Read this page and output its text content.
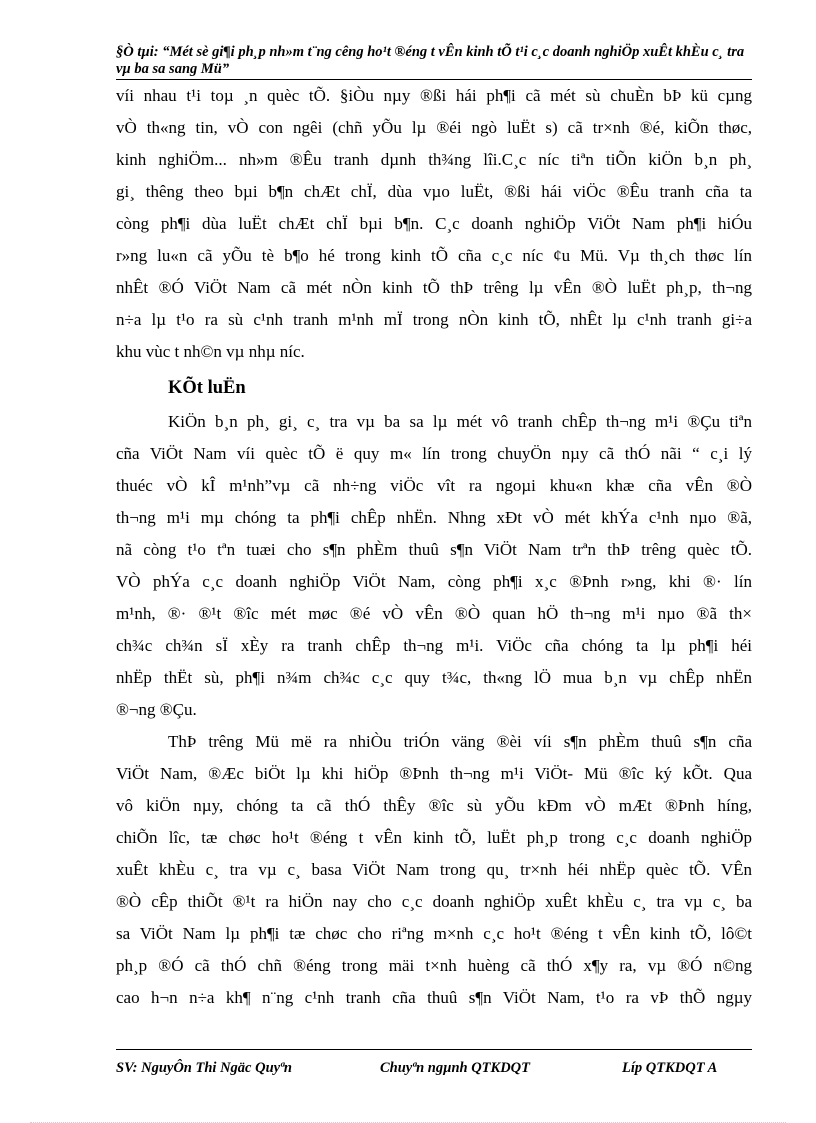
§Ò tµi: “Mét sè gi¶i ph¸p nh»m t¨ng cêng ho¹t ®éng t vÊn kinh tÕ t¹i c¸c doanh nghiÖp xuÊt khÈu c¸ tra vµ ba sa sang Mü”
víi nhau t¹i toµ ¸n quèc tÕ. §iÒu nµy ®ßi hái ph¶i cã mét sù chuÈn bÞ kü cµng
vÒ th«ng tin, vÒ con ngêi (chñ yÕu lµ ®éi ngò luËt s) cã tr×nh ®é, kiÕn thøc,
kinh nghiÖm... nh»m ®Êu tranh dµnh th¾ng lîi.C¸c níc tiªn tiÕn kiÖn b¸n ph¸
gi¸ thêng theo bµi b¶n chÆt chÏ, dùa vµo luËt, ®ßi hái viÖc ®Êu tranh cña ta
còng ph¶i dùa luËt chÆt chÏ bµi b¶n. C¸c doanh nghiÖp ViÖt Nam ph¶i hiÓu
r»ng lu«n cã yÕu tè b¶o hé trong kinh tÕ cña c¸c níc ¢u Mü. Vµ th¸ch thøc lín
nhÊt ®Ó ViÖt Nam cã mét nÒn kinh tÕ thÞ trêng lµ vÊn ®Ò luËt ph¸p, th¬ng
n÷a lµ t¹o ra sù c¹nh tranh m¹nh mÏ trong nÒn kinh tÕ, nhÊt lµ c¹nh tranh gi÷a
khu vùc t nh©n vµ nhµ níc.
KÕt luËn
KiÖn b¸n ph¸ gi¸ c¸ tra vµ ba sa lµ mét vô tranh chÊp th¬ng m¹i ®Çu tiªn
cña ViÖt Nam víi quèc tÕ ë quy m« lín trong chuyÖn nµy cã thÓ nãi “ c¸i lý
thuéc vÒ kÎ m¹nh”vµ cã nh÷ng viÖc vît ra ngoµi khu«n khæ cña vÊn ®Ò
th¬ng m¹i mµ chóng ta ph¶i chÊp nhËn. Nhng xÐt vÒ mét khÝa c¹nh nµo ®ã,
nã còng t¹o tªn tuæi cho s¶n phÈm thuû s¶n ViÖt Nam trªn thÞ trêng quèc tÕ.
VÒ phÝa c¸c doanh nghiÖp ViÖt Nam, còng ph¶i x¸c ®Þnh r»ng, khi ®· lín
m¹nh, ®· ®¹t ®îc mét møc ®é vÒ vÊn ®Ò quan hÖ th¬ng m¹i nµo ®ã th×
ch¾c ch¾n sÏ xÈy ra tranh chÊp th¬ng m¹i. ViÖc cña chóng ta lµ ph¶i héi
nhËp thËt sù, ph¶i n¾m ch¾c c¸c quy t¾c, th«ng lÖ mua b¸n vµ chÊp nhËn
®¬ng ®Çu.
ThÞ trêng Mü më ra nhiÒu triÓn väng ®èi víi s¶n phÈm thuû s¶n cña
ViÖt Nam, ®Æc biÖt lµ khi hiÖp ®Þnh th¬ng m¹i ViÖt- Mü ®îc ký kÕt. Qua
vô kiÖn nµy, chóng ta cã thÓ thÊy ®îc sù yÕu kÐm vÒ mÆt ®Þnh híng,
chiÕn lîc, tæ chøc ho¹t ®éng t vÊn kinh tÕ, luËt ph¸p trong c¸c doanh nghiÖp
xuÊt khÈu c¸ tra vµ c¸ basa ViÖt Nam trong qu¸ tr×nh héi nhËp quèc tÕ. VÊn
®Ò cÊp thiÕt ®¹t ra hiÖn nay cho c¸c doanh nghiÖp xuÊt khÈu c¸ tra vµ c¸ ba
sa ViÖt Nam lµ ph¶i tæ chøc cho riªng m×nh c¸c ho¹t ®éng t vÊn kinh tÕ, lô©t
ph¸p ®Ó cã thÓ chñ ®éng trong mäi t×nh huèng cã thÓ x¶y ra, vµ ®Ó n©ng
cao h¬n n÷a kh¶ n¨ng c¹nh tranh cña thuû s¶n ViÖt Nam, t¹o ra vÞ thÕ ngµy
SV: NguyÔn Thi Ngäc Quyªn	Chuyªn ngµnh QTKDQT	Líp QTKDQT A
